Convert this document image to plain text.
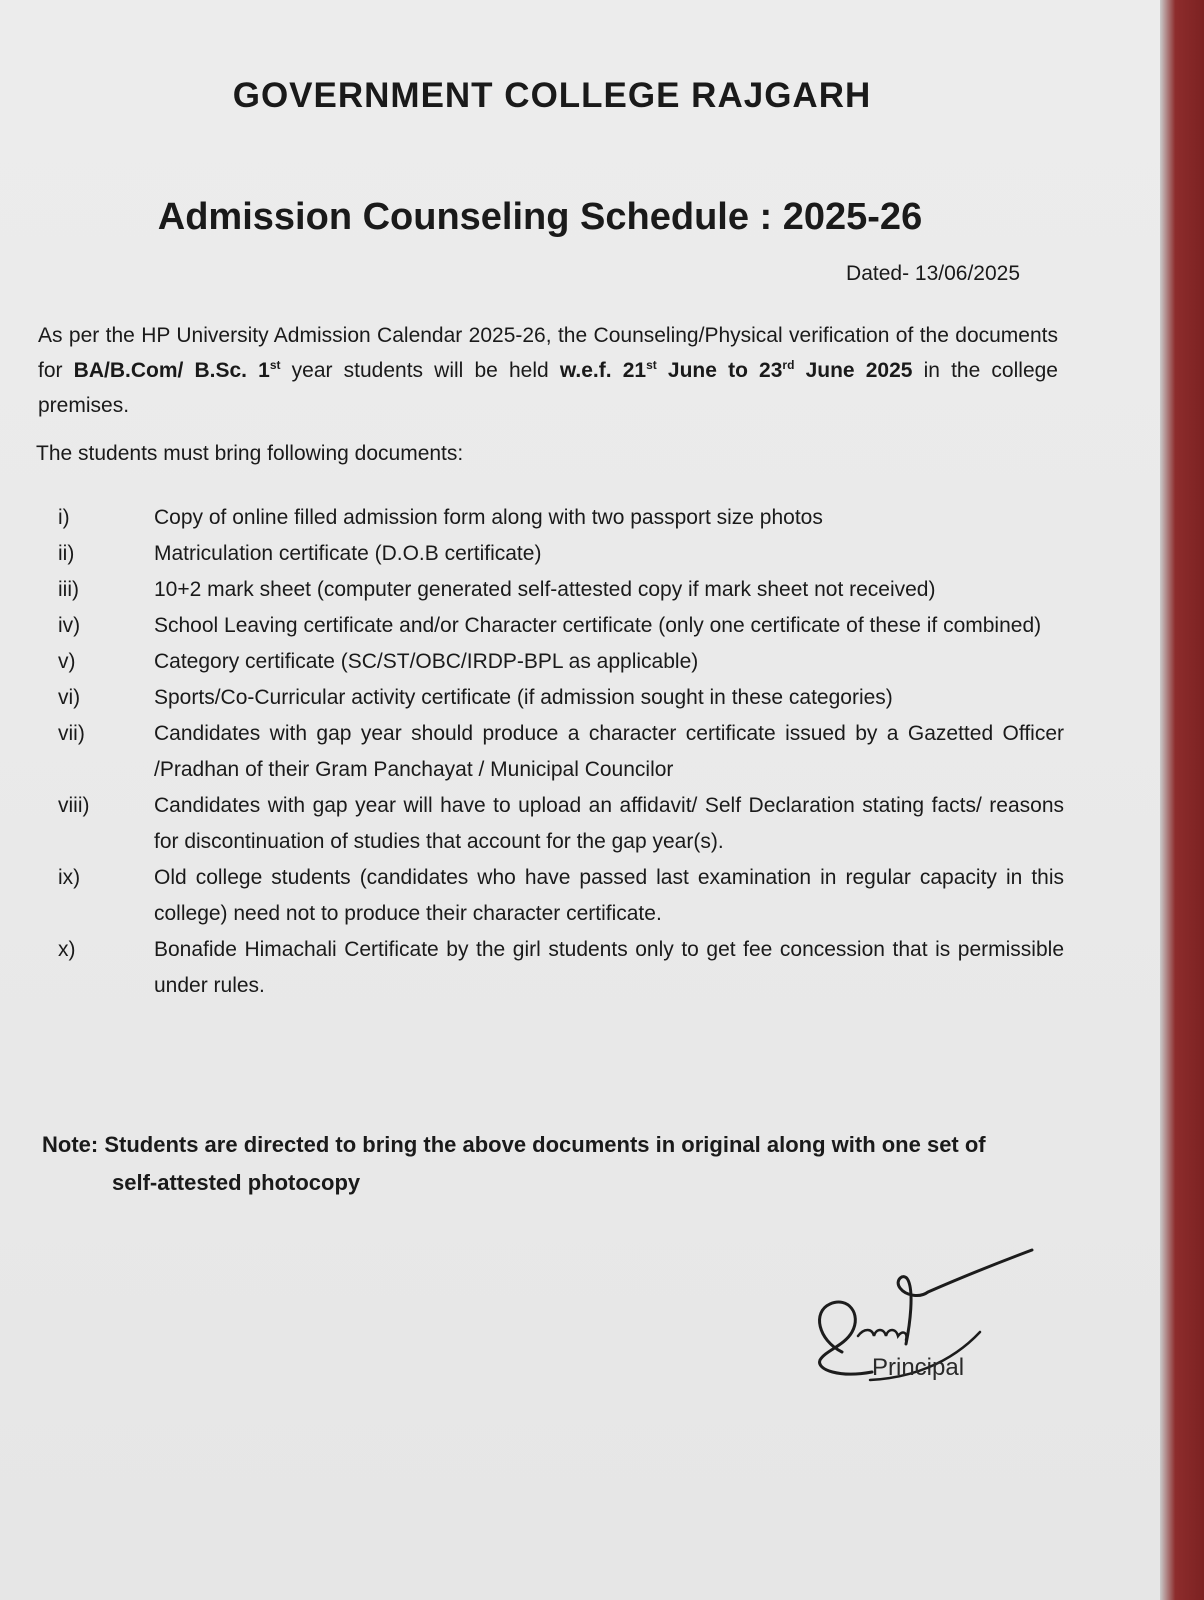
GOVERNMENT COLLEGE RAJGARH
Admission Counseling Schedule : 2025-26
Dated- 13/06/2025
As per the HP University Admission Calendar 2025-26, the Counseling/Physical verification of the documents for BA/B.Com/ B.Sc. 1st year students will be held w.e.f. 21st June to 23rd June 2025 in the college premises.
The students must bring following documents:
i)	Copy of online filled admission form along with two passport size photos
ii)	Matriculation certificate (D.O.B certificate)
iii)	10+2 mark sheet (computer generated self-attested copy if mark sheet not received)
iv)	School Leaving certificate and/or Character certificate (only one certificate of these if combined)
v)	Category certificate (SC/ST/OBC/IRDP-BPL as applicable)
vi)	Sports/Co-Curricular activity certificate (if admission sought in these categories)
vii)	Candidates with gap year should produce a character certificate issued by a Gazetted Officer /Pradhan of their Gram Panchayat / Municipal Councilor
viii)	Candidates with gap year will have to upload an affidavit/ Self Declaration stating facts/ reasons for discontinuation of studies that account for the gap year(s).
ix)	Old college students (candidates who have passed last examination in regular capacity in this college) need not to produce their character certificate.
x)	Bonafide Himachali Certificate by the girl students only to get fee concession that is permissible under rules.
Note: Students are directed to bring the above documents in original along with one set of
self-attested photocopy
Principal
